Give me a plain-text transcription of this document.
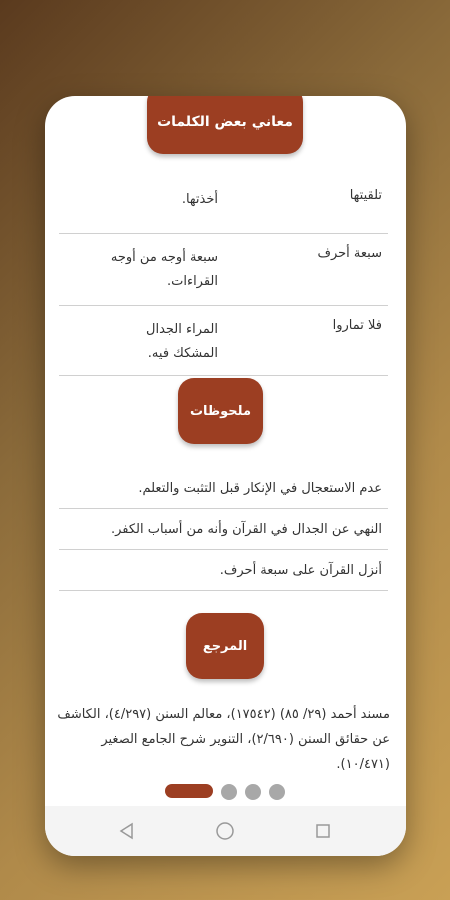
معاني بعض الكلمات
تلقيتها
أخذتها.
سبعة أحرف
سبعة أوجه من أوجه القراءات.
فلا تماروا
المراء الجدال المشكك فيه.
ملحوظات
عدم الاستعجال في الإنكار قبل التثبت والتعلم.
النهي عن الجدال في القرآن وأنه من أسباب الكفر.
أنزل القرآن على سبعة أحرف.
المرجع
مسند أحمد (٢٩/ ٨٥) (١٧٥٤٢)، معالم السنن (٤/٢٩٧)، الكاشف عن حقائق السنن (٢/٦٩٠)، التنوير شرح الجامع الصغير (١٠/٤٧١).
